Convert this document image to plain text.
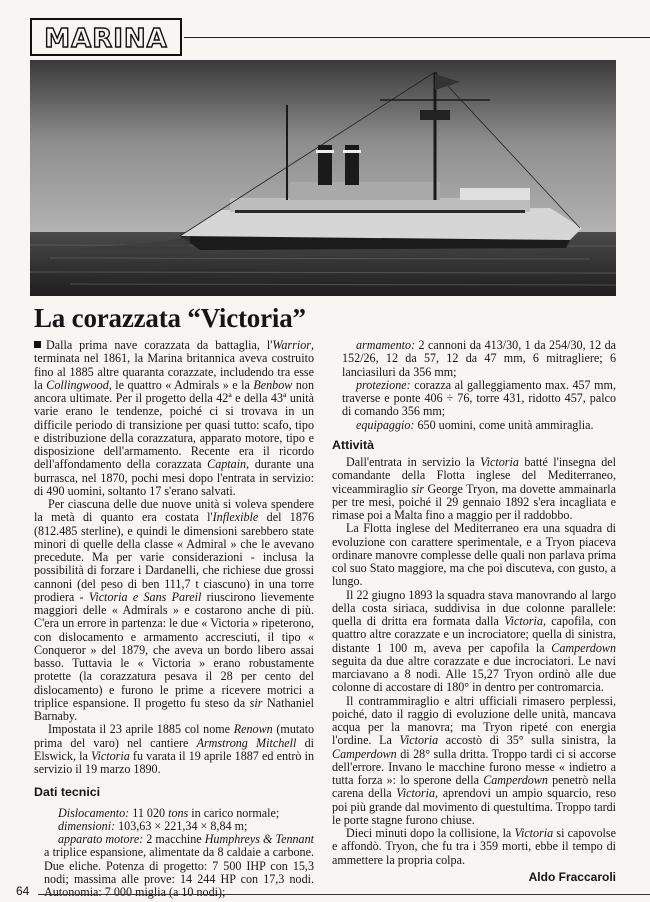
MARINA
La corazzata “Victoria”

Dalla prima nave corazzata da battaglia, l'Warrior, terminata nel 1861, la Marina britannica aveva costruito fino al 1885 altre quaranta corazzate, includendo tra esse la Collingwood, le quattro « Admirals » e la Benbow non ancora ultimate. Per il progetto della 42ª e della 43ª unità varie erano le tendenze, poiché ci si trovava in un difficile periodo di transizione per quasi tutto: scafo, tipo e distribuzione della corazzatura, apparato motore, tipo e disposizione dell'armamento. Recente era il ricordo dell'affondamento della corazzata Captain, durante una burrasca, nel 1870, pochi mesi dopo l'entrata in servizio: di 490 uomini, soltanto 17 s'erano salvati.

Per ciascuna delle due nuove unità si voleva spendere la metà di quanto era costata l'Inflexible del 1876 (812.485 sterline), e quindi le dimensioni sarebbero state minori di quelle della classe « Admiral » che le avevano precedute. Ma per varie considerazioni - inclusa la possibilità di forzare i Dardanelli, che richiese due grossi cannoni (del peso di ben 111,7 t ciascuno) in una torre prodiera - Victoria e Sans Pareil riuscirono lievemente maggiori delle « Admirals » e costarono anche di più. C'era un errore in partenza: le due « Victoria » ripeterono, con dislocamento e armamento accresciuti, il tipo « Conqueror » del 1879, che aveva un bordo libero assai basso. Tuttavia le « Victoria » erano robustamente protette (la corazzatura pesava il 28 per cento del dislocamento) e furono le prime a ricevere motrici a triplice espansione. Il progetto fu steso da sir Nathaniel Barnaby.

Impostata il 23 aprile 1885 col nome Renown (mutato prima del varo) nel cantiere Armstrong Mitchell di Elswick, la Victoria fu varata il 19 aprile 1887 ed entrò in servizio il 19 marzo 1890.

Dati tecnici

Dislocamento: 11 020 tons in carico normale;

dimensioni: 103,63 × 221,34 × 8,84 m;

apparato motore: 2 macchine Humphreys & Tennant a triplice espansione, alimentate da 8 caldaie a carbone. Due eliche. Potenza di progetto: 7 500 IHP con 15,3 nodi; massima alle prove: 14 244 HP con 17,3 nodi. Autonomia: 7 000 miglia (a 10 nodi);

armamento: 2 cannoni da 413/30, 1 da 254/30, 12 da 152/26, 12 da 57, 12 da 47 mm, 6 mitragliere; 6 lanciasiluri da 356 mm;

protezione: corazza al galleggiamento max. 457 mm, traverse e ponte 406 ÷ 76, torre 431, ridotto 457, palco di comando 356 mm;

equipaggio: 650 uomini, come unità ammiraglia.

Attività

Dall'entrata in servizio la Victoria batté l'insegna del comandante della Flotta inglese del Mediterraneo, viceammiraglio sir George Tryon, ma dovette ammainarla per tre mesi, poiché il 29 gennaio 1892 s'era incagliata e rimase poi a Malta fino a maggio per il raddobbo.

La Flotta inglese del Mediterraneo era una squadra di evoluzione con carattere sperimentale, e a Tryon piaceva ordinare manovre complesse delle quali non parlava prima col suo Stato maggiore, ma che poi discuteva, con gusto, a lungo.

Il 22 giugno 1893 la squadra stava manovrando al largo della costa siriaca, suddivisa in due colonne parallele: quella di dritta era formata dalla Victoria, capofila, con quattro altre corazzate e un incrociatore; quella di sinistra, distante 1 100 m, aveva per capofila la Camperdown seguita da due altre corazzate e due incrociatori. Le navi marciavano a 8 nodi. Alle 15,27 Tryon ordinò alle due colonne di accostare di 180° in dentro per contromarcia.

Il contrammiraglio e altri ufficiali rimasero perplessi, poiché, dato il raggio di evoluzione delle unità, mancava acqua per la manovra; ma Tryon ripeté con energia l'ordine. La Victoria accostò di 35° sulla sinistra, la Camperdown di 28° sulla dritta. Troppo tardi ci si accorse dell'errore. Invano le macchine furono messe « indietro a tutta forza »: lo sperone della Camperdown penetrò nella carena della Victoria, aprendovi un ampio squarcio, reso poi più grande dal movimento di questultima. Troppo tardi le porte stagne furono chiuse.

Dieci minuti dopo la collisione, la Victoria si capovolse e affondò. Tryon, che fu tra i 359 morti, ebbe il tempo di ammettere la propria colpa.

Aldo Fraccaroli
64
